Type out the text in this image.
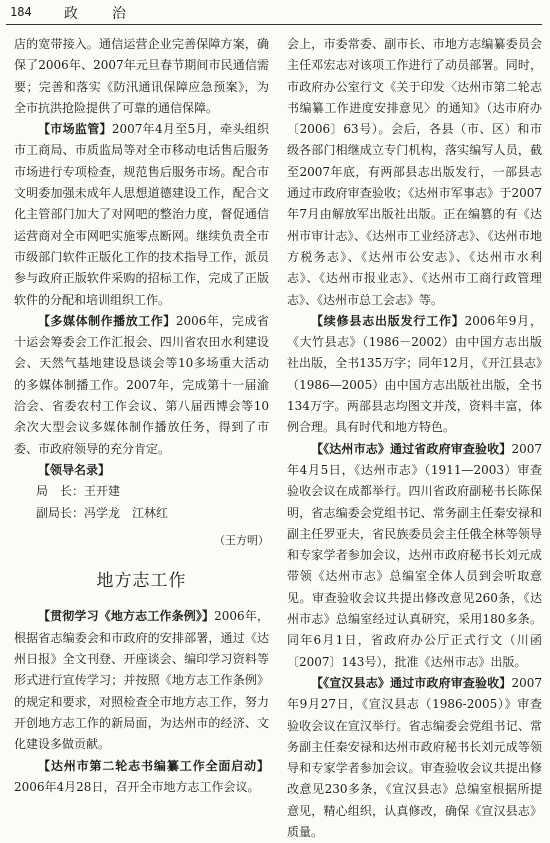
184 政　治

店的宽带接入。通信运营企业完善保障方案，确保了2006年、2007年元旦春节期间市民通信需要；完善和落实《防汛通讯保障应急预案》，为全市抗洪抢险提供了可靠的通信保障。

【市场监管】2007年4月至5月，牵头组织市工商局、市质监局等对全市移动电话售后服务市场进行专项检查，规范售后服务市场。配合市文明委加强未成年人思想道德建设工作，配合文化主管部门加大了对网吧的整治力度，督促通信运营商对全市网吧实施零点断网。继续负责全市市级部门软件正版化工作的技术指导工作，派员参与政府正版软件采购的招标工作，完成了正版软件的分配和培训组织工作。

【多媒体制作播放工作】2006年，完成省十运会筹委会工作汇报会、四川省农田水利建设会、天然气基地建设恳谈会等10多场重大活动的多媒体制播工作。2007年，完成第十一届渝洽会、省委农村工作会议、第八届西博会等10余次大型会议多媒体制作播放任务，得到了市委、市政府领导的充分肯定。

【领导名录】

局　长：王开建

副局长：冯学龙　江林红

（王方明）

地方志工作

【贯彻学习《地方志工作条例》】2006年，根据省志编委会和市政府的安排部署，通过《达州日报》全文刊登、开座谈会、编印学习资料等形式进行宣传学习；并按照《地方志工作条例》的规定和要求，对照检查全市地方志工作，努力开创地方志工作的新局面，为达州市的经济、文化建设多做贡献。

【达州市第二轮志书编纂工作全面启动】2006年4月28日，召开全市地方志工作会议。

会上，市委常委、副市长、市地方志编纂委员会主任邓宏志对该项工作进行了动员部署。同时，市政府办公室行文《关于印发〈达州市第二轮志书编纂工作进度安排意见〉的通知》（达市府办〔2006〕63号）。会后，各县（市、区）和市级各部门相继成立专门机构，落实编写人员，截至2007年底，有两部县志出版发行，一部县志通过市政府审查验收；《达州市军事志》于2007年7月由解放军出版社出版。正在编篡的有《达州市审计志》、《达州市工业经济志》、《达州市地方税务志》、《达州市公安志》、《达州市水利志》、《达州市报业志》、《达州市工商行政管理志》、《达州市总工会志》等。

【续修县志出版发行工作】2006年9月，《大竹县志》（1986－2002）由中国方志出版社出版，全书135万字；同年12月，《开江县志》（1986—2005）由中国方志出版社出版，全书134万字。两部县志均图文并茂，资料丰富，体例合理。具有时代和地方特色。

【《达州市志》通过省政府审查验收】2007年4月5日，《达州市志》（1911—2003）审查验收会议在成都举行。四川省政府副秘书长陈保明，省志编委会党组书记、常务副主任秦安禄和副主任罗亚夫，省民族委员会主任俄全林等领导和专家学者参加会议，达州市政府秘书长刘元成带领《达州市志》总编室全体人员到会听取意见。审查验收会议共提出修改意见260条，《达州市志》总编室经过认真研究，采用180多条。同年6月1日，省政府办公厅正式行文（川函〔2007〕143号），批准《达州市志》出版。

【《宣汉县志》通过市政府审查验收】2007年9月27日，《宣汉县志（1986-2005）》审查验收会议在宣汉举行。省志编委会党组书记、常务副主任秦安禄和达州市政府秘书长刘元成等领导和专家学者参加会议。审查验收会议共提出修改意见230多条，《宣汉县志》总编室根据所提意见，精心组织，认真修改，确保《宣汉县志》质量。
